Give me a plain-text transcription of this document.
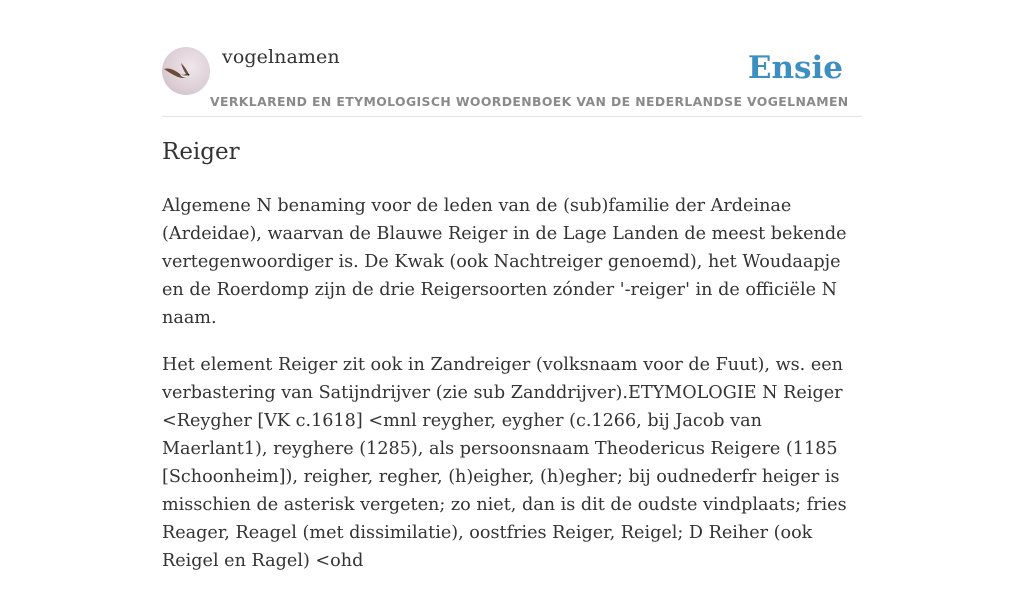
vogelnamen
VERKLAREND EN ETYMOLOGISCH WOORDENBOEK VAN DE NEDERLANDSE VOGELNAMEN
Ensie
Reiger

Algemene N benaming voor de leden van de (sub)familie der Ardeinae (Ardeidae), waarvan de Blauwe Reiger in de Lage Landen de meest bekende vertegenwoordiger is. De Kwak (ook Nachtreiger genoemd), het Woudaapje en de Roerdomp zijn de drie Reigersoorten zónder '-reiger' in de officiële N naam.

Het element Reiger zit ook in Zandreiger (volksnaam voor de Fuut), ws. een verbastering van Satijndrijver (zie sub Zanddrijver).ETYMOLOGIE N Reiger <Reygher [VK c.1618] <mnl reygher, eygher (c.1266, bij Jacob van Maerlant1), reyghere (1285), als persoonsnaam Theodericus Reigere (1185 [Schoonheim]), reigher, regher, (h)eigher, (h)egher; bij oudnederfr heiger is misschien de asterisk vergeten; zo niet, dan is dit de oudste vindplaats; fries Reager, Reagel (met dissimilatie), oostfries Reiger, Reigel; D Reiher (ook Reigel en Ragel) <ohd
